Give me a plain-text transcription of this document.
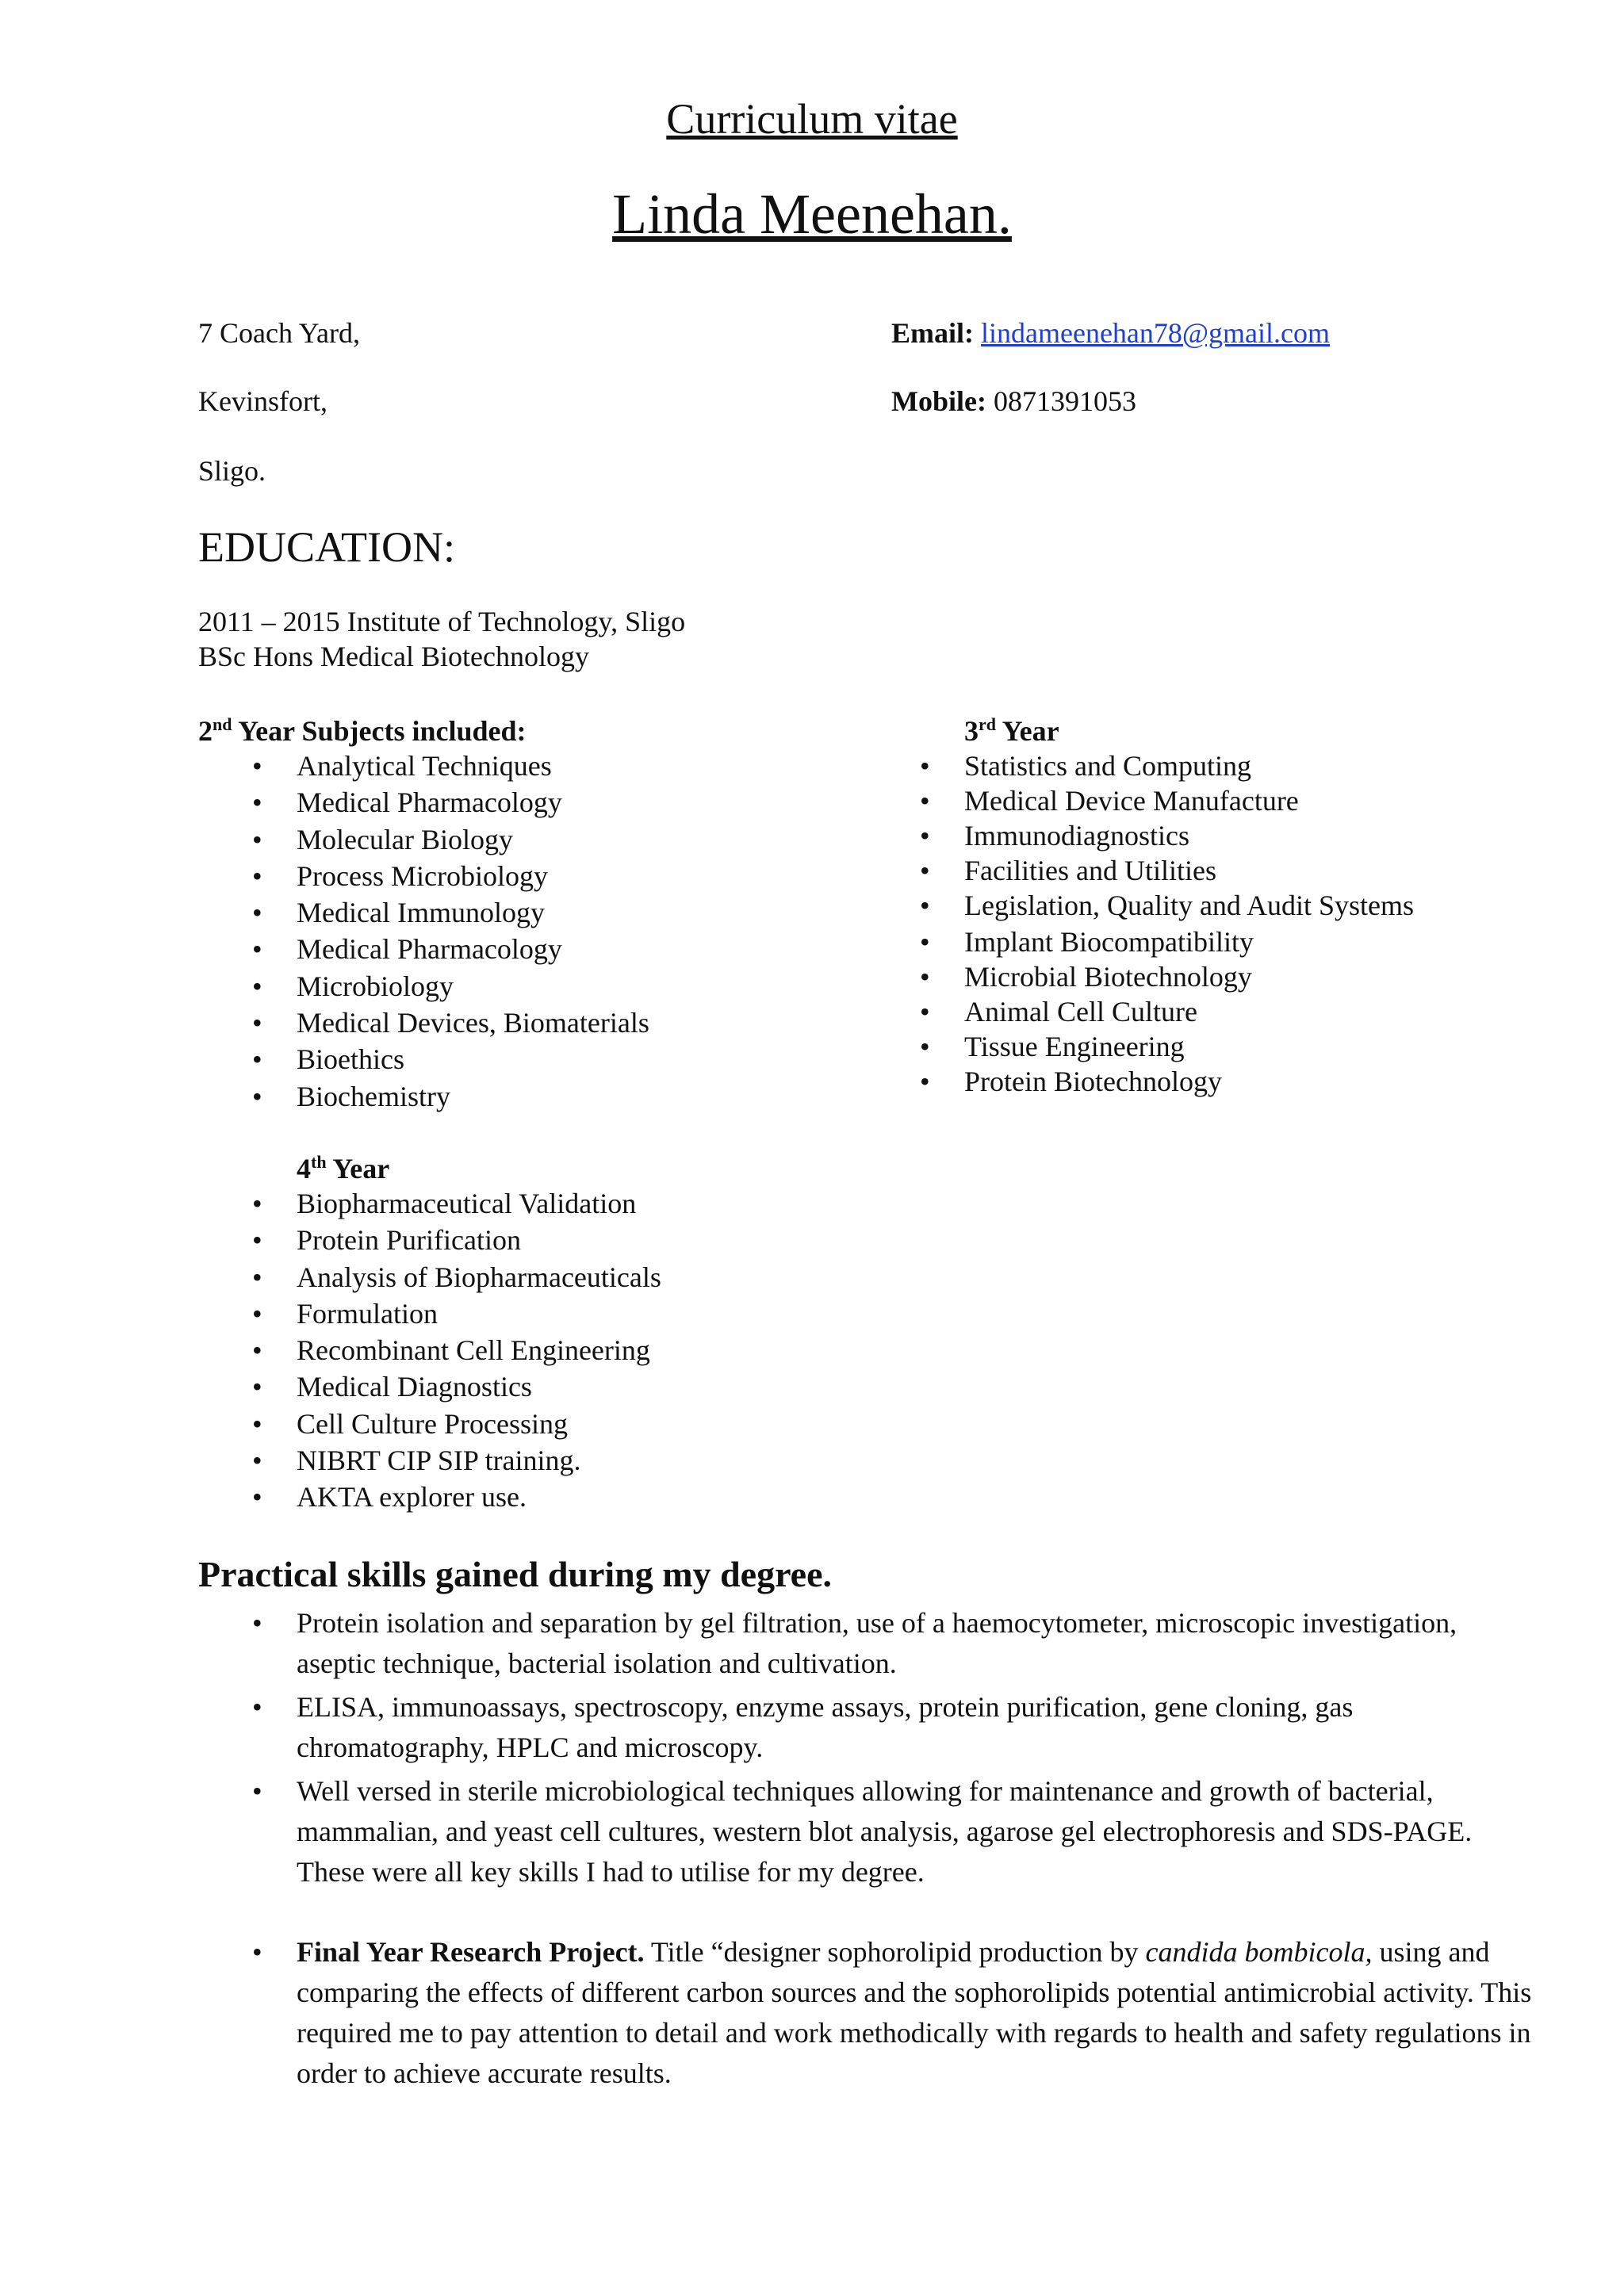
Curriculum vitae
Linda Meenehan.
7 Coach Yard,
Kevinsfort,
Sligo.
Email: lindameenehan78@gmail.com
Mobile: 0871391053
EDUCATION:
2011 – 2015 Institute of Technology, Sligo
BSc Hons Medical Biotechnology
2nd Year Subjects included:
• Analytical Techniques
• Medical Pharmacology
• Molecular Biology
• Process Microbiology
• Medical Immunology
• Medical Pharmacology
• Microbiology
• Medical Devices, Biomaterials
• Bioethics
• Biochemistry
3rd Year
• Statistics and Computing
• Medical Device Manufacture
• Immunodiagnostics
• Facilities and Utilities
• Legislation, Quality and Audit Systems
• Implant Biocompatibility
• Microbial Biotechnology
• Animal Cell Culture
• Tissue Engineering
• Protein Biotechnology
4th Year
• Biopharmaceutical Validation
• Protein Purification
• Analysis of Biopharmaceuticals
• Formulation
• Recombinant Cell Engineering
• Medical Diagnostics
• Cell Culture Processing
• NIBRT CIP SIP training.
• AKTA explorer use.
Practical skills gained during my degree.
• Protein isolation and separation by gel filtration, use of a haemocytometer, microscopic investigation, aseptic technique, bacterial isolation and cultivation.
• ELISA, immunoassays, spectroscopy, enzyme assays, protein purification, gene cloning, gas chromatography, HPLC and microscopy.
• Well versed in sterile microbiological techniques allowing for maintenance and growth of bacterial, mammalian, and yeast cell cultures, western blot analysis, agarose gel electrophoresis and SDS-PAGE. These were all key skills I had to utilise for my degree.
• Final Year Research Project. Title “designer sophorolipid production by candida bombicola, using and comparing the effects of different carbon sources and the sophorolipids potential antimicrobial activity. This required me to pay attention to detail and work methodically with regards to health and safety regulations in order to achieve accurate results.
